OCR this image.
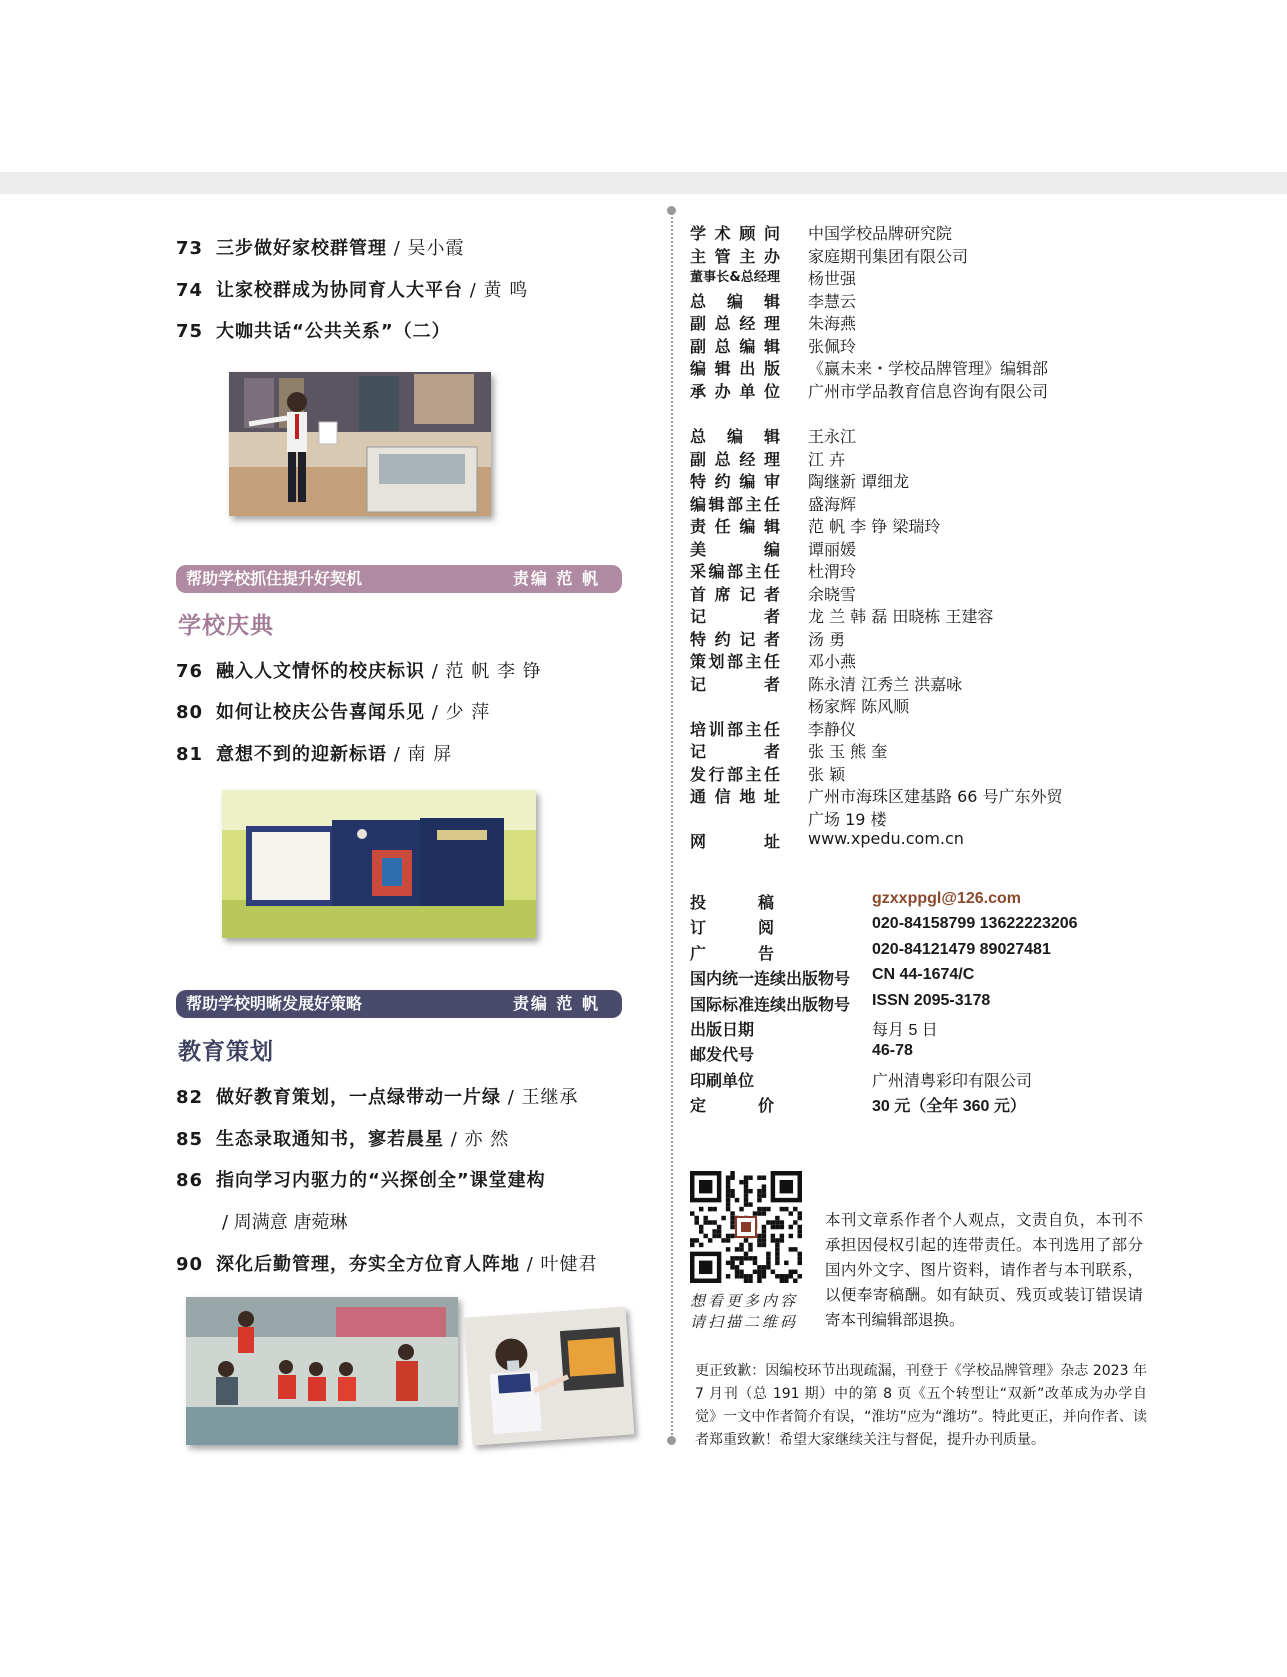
73 三步做好家校群管理 / 吴小霞
74 让家校群成为协同育人大平台 / 黄 鸣
75 大咖共话“公共关系”（二）
帮助学校抓住提升好契机	责编 范 帆
学校庆典
76 融入人文情怀的校庆标识 / 范 帆 李 铮
80 如何让校庆公告喜闻乐见 / 少 萍
81 意想不到的迎新标语 / 南 屏
帮助学校明晰发展好策略	责编 范 帆
教育策划
82 做好教育策划，一点绿带动一片绿 / 王继承
85 生态录取通知书，寥若晨星 / 亦 然
86 指向学习内驱力的“兴探创全”课堂建构
/ 周满意 唐菀琳
90 深化后勤管理，夯实全方位育人阵地 / 叶健君
学术顾问 中国学校品牌研究院
主管主办 家庭期刊集团有限公司
董事长&总经理 杨世强
总编辑 李慧云
副总经理 朱海燕
副总编辑 张佩玲
编辑出版 《赢未来・学校品牌管理》编辑部
承办单位 广州市学品教育信息咨询有限公司
总编辑 王永江
副总经理 江 卉
特约编审 陶继新 谭细龙
编辑部主任 盛海辉
责任编辑 范 帆 李 铮 梁瑞玲
美编 谭丽媛
采编部主任 杜渭玲
首席记者 余晓雪
记者 龙 兰 韩 磊 田晓栋 王建容
特约记者 汤 勇
策划部主任 邓小燕
记者 陈永清 江秀兰 洪嘉咏
杨家辉 陈风顺
培训部主任 李静仪
记者 张 玉 熊 奎
发行部主任 张 颖
通信地址 广州市海珠区建基路 66 号广东外贸
广场 19 楼
网址 www.xpedu.com.cn
投稿	gzxxppgl@126.com
订阅	020-84158799 13622223206
广告	020-84121479 89027481
国内统一连续出版物号 CN 44-1674/C
国际标准连续出版物号 ISSN 2095-3178
出版日期	每月 5 日
邮发代号	46-78
印刷单位	广州清粤彩印有限公司
定价	30 元（全年 360 元）
想看更多内容
请扫描二维码
本刊文章系作者个人观点，文责自负，本刊不承担因侵权引起的连带责任。本刊选用了部分国内外文字、图片资料，请作者与本刊联系，以便奉寄稿酬。如有缺页、残页或装订错误请寄本刊编辑部退换。
更正致歉：因编校环节出现疏漏，刊登于《学校品牌管理》杂志 2023 年 7 月刊（总 191 期）中的第 8 页《五个转型让“双新”改革成为办学自觉》一文中作者简介有误，“淮坊”应为“潍坊”。特此更正，并向作者、读者郑重致歉！希望大家继续关注与督促，提升办刊质量。
